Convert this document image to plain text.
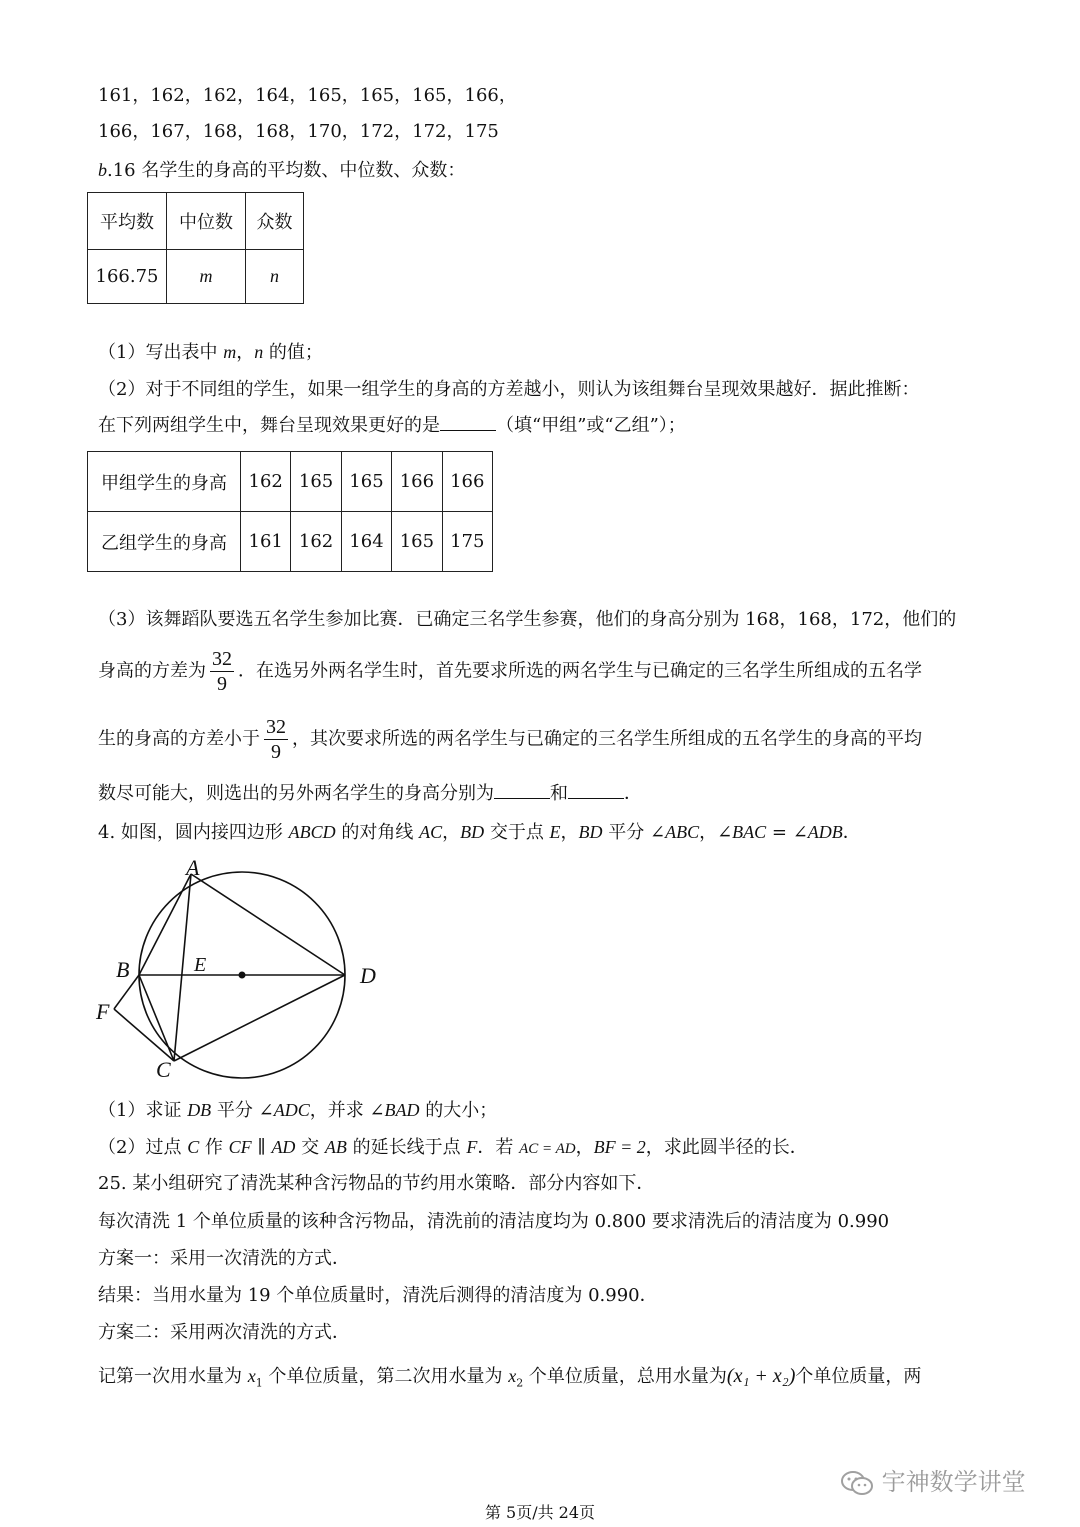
161，162，162，164，165，165，165，166，
166，167，168，168，170，172，172，175
b.16 名学生的身高的平均数、中位数、众数：
平均数	中位数	众数
166.75	m	n
（1）写出表中 m，n 的值；
（2）对于不同组的学生，如果一组学生的身高的方差越小，则认为该组舞台呈现效果越好．据此推断：
在下列两组学生中，舞台呈现效果更好的是	（填“甲组”或“乙组”）；
甲组学生的身高	162	165	165	166	166
乙组学生的身高	161	162	164	165	175
（3）该舞蹈队要选五名学生参加比赛．已确定三名学生参赛，他们的身高分别为 168，168，172，他们的
身高的方差为 $\frac{32}{9}$ ．在选另外两名学生时，首先要求所选的两名学生与已确定的三名学生所组成的五名学
生的身高的方差小于 $\frac{32}{9}$ ，其次要求所选的两名学生与已确定的三名学生所组成的五名学生的身高的平均
数尽可能大，则选出的另外两名学生的身高分别为	和	．
4. 如图，圆内接四边形 ABCD 的对角线 AC，BD 交于点 E，BD 平分 ∠ABC，∠BAC = ∠ADB．
A
B
C
D
E
F
（1）求证 DB 平分 ∠ADC，并求 ∠BAD 的大小；
（2）过点 C 作 CF ∥ AD 交 AB 的延长线于点 F．若 AC = AD，BF = 2，求此圆半径的长．
25. 某小组研究了清洗某种含污物品的节约用水策略．部分内容如下．
每次清洗 1 个单位质量的该种含污物品，清洗前的清洁度均为 0.800 要求清洗后的清洁度为 0.990
方案一：采用一次清洗的方式．
结果：当用水量为 19 个单位质量时，清洗后测得的清洁度为 0.990．
方案二：采用两次清洗的方式．
记第一次用水量为 $x_1$ 个单位质量，第二次用水量为 $x_2$ 个单位质量，总用水量为(x₁ + x₂)个单位质量，两
宇神数学讲堂
第 5页/共 24页
